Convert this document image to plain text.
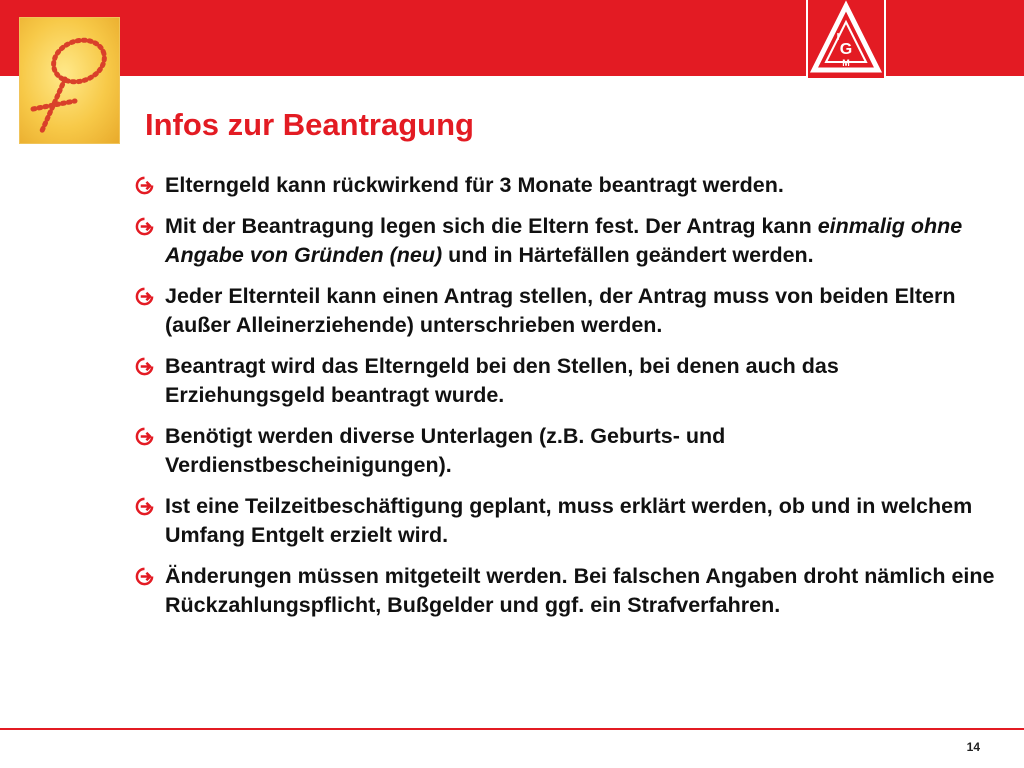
G
I
M
Infos zur Beantragung
Elterngeld kann rückwirkend für 3 Monate beantragt werden.
Mit der Beantragung legen sich die Eltern fest. Der Antrag kann einmalig ohne Angabe von Gründen (neu) und in Härtefällen geändert werden.
Jeder Elternteil kann einen Antrag stellen, der Antrag muss von beiden Eltern (außer Alleinerziehende) unterschrieben werden.
Beantragt wird das Elterngeld bei den Stellen, bei denen auch das Erziehungsgeld beantragt wurde.
Benötigt werden diverse Unterlagen (z.B. Geburts- und Verdienstbescheinigungen).
Ist eine Teilzeitbeschäftigung geplant, muss erklärt werden, ob und in welchem Umfang Entgelt erzielt wird.
Änderungen müssen mitgeteilt werden. Bei falschen Angaben droht nämlich eine Rückzahlungspflicht, Bußgelder und ggf. ein Strafverfahren.
14
